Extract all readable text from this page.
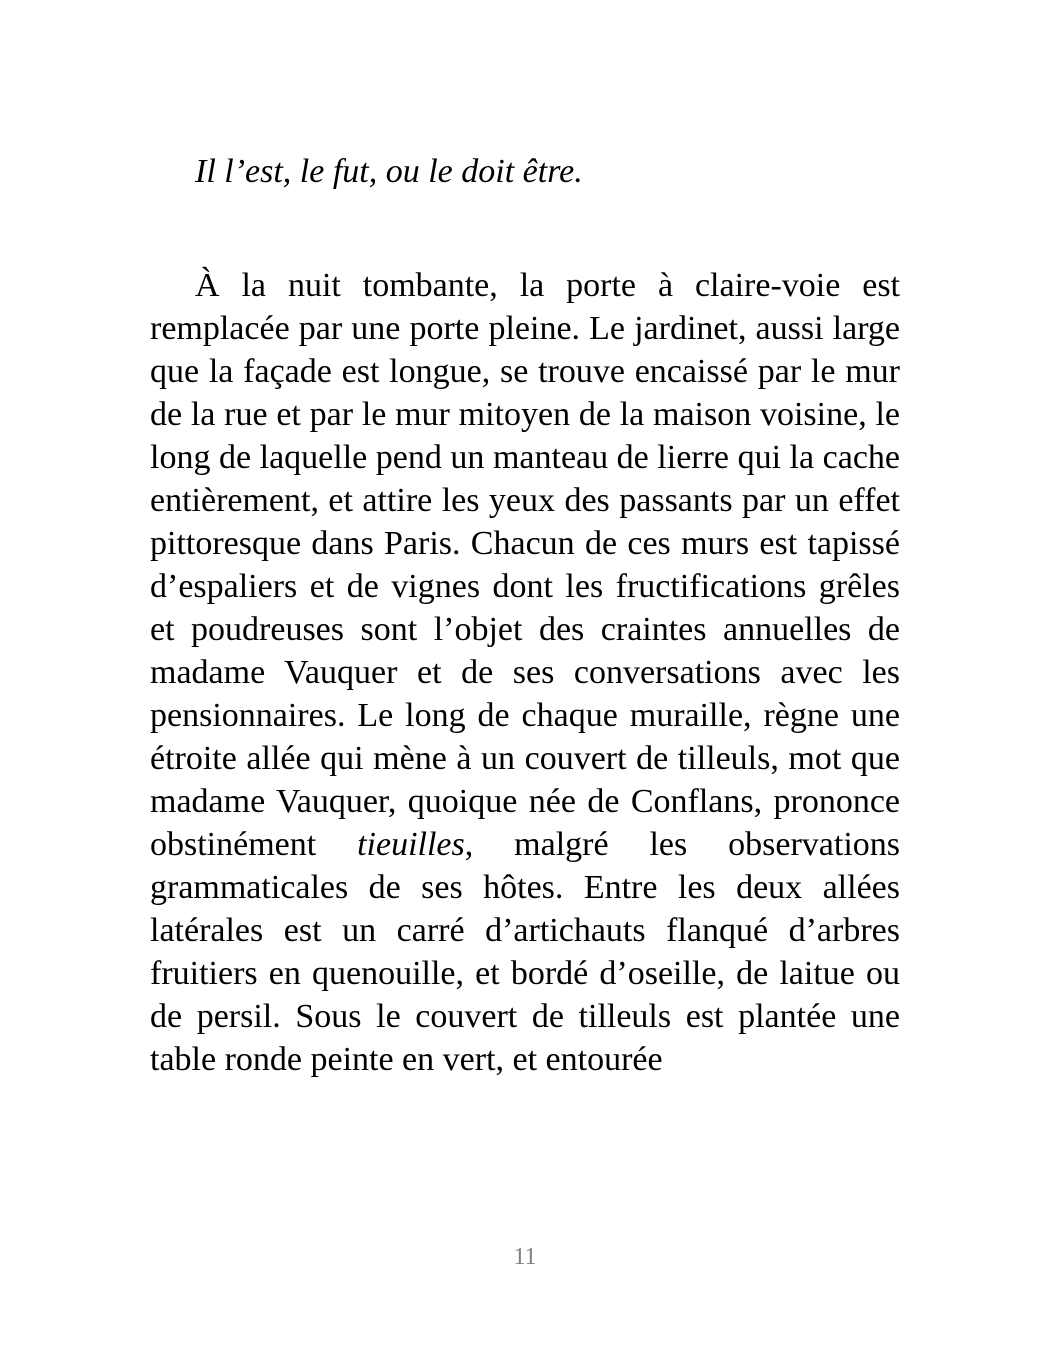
Il l’est, le fut, ou le doit être.

À la nuit tombante, la porte à claire-voie est remplacée par une porte pleine. Le jardinet, aussi large que la façade est longue, se trouve encaissé par le mur de la rue et par le mur mitoyen de la maison voisine, le long de laquelle pend un manteau de lierre qui la cache entièrement, et attire les yeux des passants par un effet pittoresque dans Paris. Chacun de ces murs est tapissé d’espaliers et de vignes dont les fructifications grêles et poudreuses sont l’objet des craintes annuelles de madame Vauquer et de ses conversations avec les pensionnaires. Le long de chaque muraille, règne une étroite allée qui mène à un couvert de tilleuls, mot que madame Vauquer, quoique née de Conflans, prononce obstinément tieuilles, malgré les observations grammaticales de ses hôtes. Entre les deux allées latérales est un carré d’artichauts flanqué d’arbres fruitiers en quenouille, et bordé d’oseille, de laitue ou de persil. Sous le couvert de tilleuls est plantée une table ronde peinte en vert, et entourée

11
